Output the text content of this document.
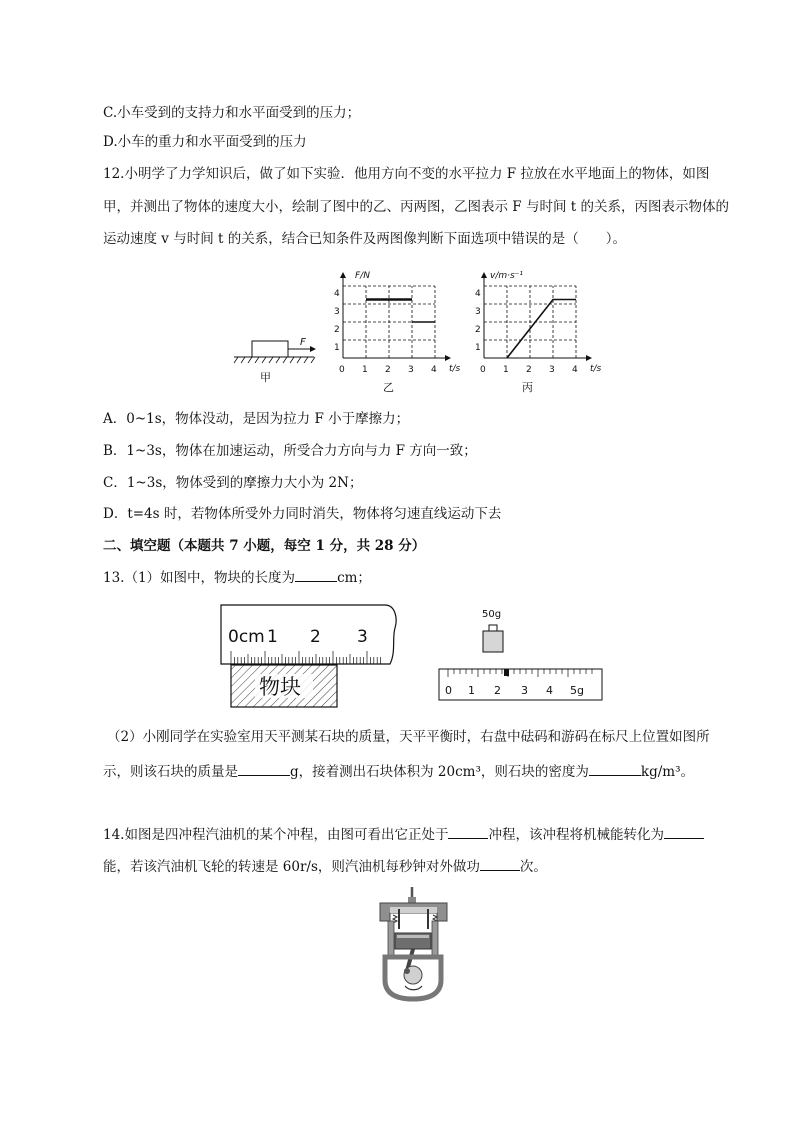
C.小车受到的支持力和水平面受到的压力；
D.小车的重力和水平面受到的压力
12.小明学了力学知识后，做了如下实验．他用方向不变的水平拉力 F 拉放在水平地面上的物体，如图
甲，并测出了物体的速度大小，绘制了图中的乙、丙两图，乙图表示 F 与时间 t 的关系，丙图表示物体的
运动速度 v 与时间 t 的关系，结合已知条件及两图像判断下面选项中错误的是（　　）。
F
甲
F/N
t/s
0 1 2 3 4
1
2
3
4
乙
v/m·s⁻¹
t/s
0 1 2 3 4
1
2
3
4
丙
A．0~1s，物体没动，是因为拉力 F 小于摩擦力；
B．1~3s，物体在加速运动，所受合力方向与力 F 方向一致；
C．1~3s，物体受到的摩擦力大小为 2N；
D．t=4s 时，若物体所受外力同时消失，物体将匀速直线运动下去
二、填空题（本题共 7 小题，每空 1 分，共 28 分）
13.（1）如图中，物块的长度为	cm；
0cm 1 2 3
物块
50g
0 1 2 3 4 5g
（2）小刚同学在实验室用天平测某石块的质量，天平平衡时，右盘中砝码和游码在标尺上位置如图所
示，则该石块的质量是	g，接着测出石块体积为 20cm³，则石块的密度为	kg/m³。
14.如图是四冲程汽油机的某个冲程，由图可看出它正处于	冲程，该冲程将机械能转化为
能，若该汽油机飞轮的转速是 60r/s，则汽油机每秒钟对外做功	次。
